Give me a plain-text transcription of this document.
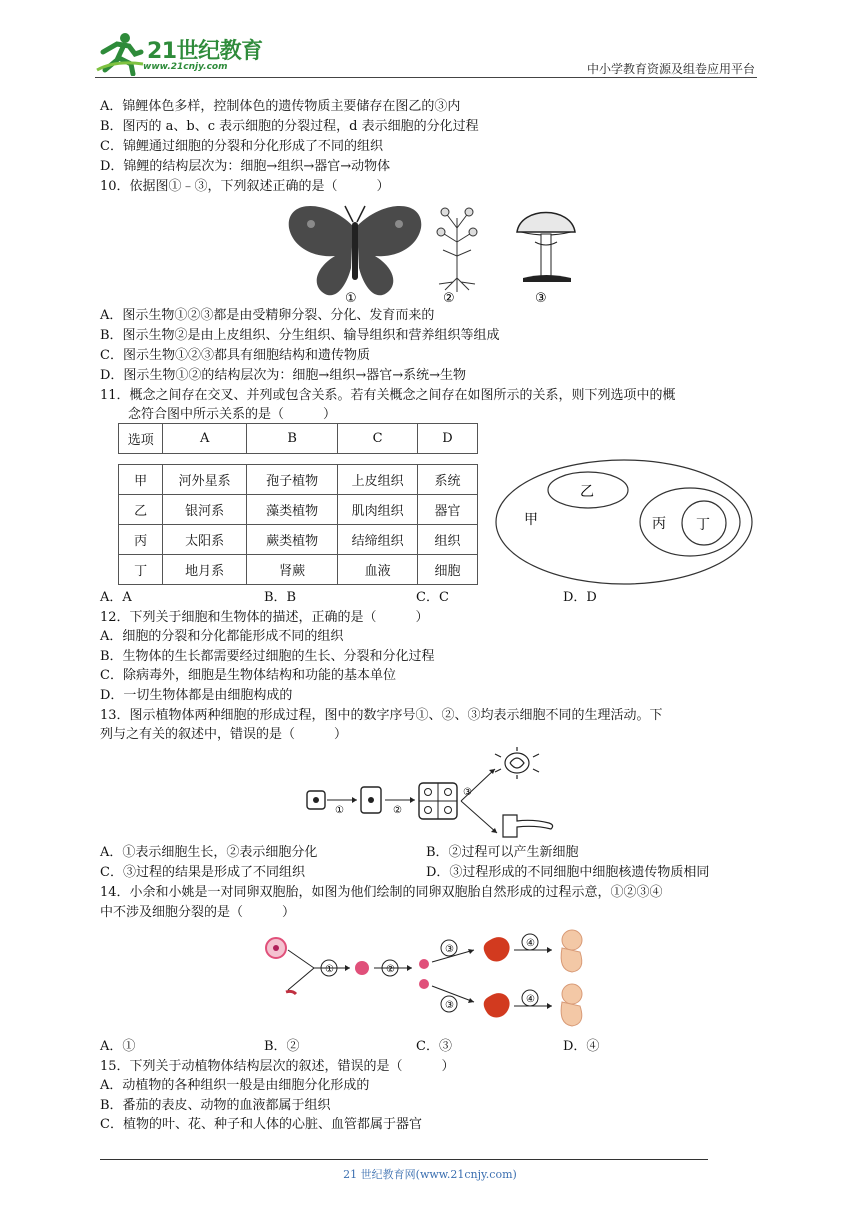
21世纪教育
www.21cnjy.com	中小学教育资源及组卷应用平台
A．锦鲤体色多样，控制体色的遗传物质主要储存在图乙的③内
B．图丙的 a、b、c 表示细胞的分裂过程，d 表示细胞的分化过程
C．锦鲤通过细胞的分裂和分化形成了不同的组织
D．锦鲤的结构层次为：细胞→组织→器官→动物体
10．依据图①﹣③，下列叙述正确的是（　　　）
①	②	③
A．图示生物①②③都是由受精卵分裂、分化、发育而来的
B．图示生物②是由上皮组织、分生组织、输导组织和营养组织等组成
C．图示生物①②③都具有细胞结构和遗传物质
D．图示生物①②的结构层次为：细胞→组织→器官→系统→生物
11．概念之间存在交叉、并列或包含关系。若有关概念之间存在如图所示的关系，则下列选项中的概
念符合图中所示关系的是（　　　）
选项	A	B	C	D
甲	河外星系	孢子植物	上皮组织	系统
乙	银河系	藻类植物	肌肉组织	器官
丙	太阳系	蕨类植物	结缔组织	组织
丁	地月系	肾蕨	血液	细胞
甲
乙
丙 丁
A．A	B．B	C．C	D．D
12．下列关于细胞和生物体的描述，正确的是（　　　）
A．细胞的分裂和分化都能形成不同的组织
B．生物体的生长都需要经过细胞的生长、分裂和分化过程
C．除病毒外，细胞是生物体结构和功能的基本单位
D．一切生物体都是由细胞构成的
13．图示植物体两种细胞的形成过程，图中的数字序号①、②、③均表示细胞不同的生理活动。下
列与之有关的叙述中，错误的是（　　　）
①	②
③
A．①表示细胞生长，②表示细胞分化	B．②过程可以产生新细胞
C．③过程的结果是形成了不同组织	D．③过程形成的不同细胞中细胞核遗传物质相同
14．小余和小姚是一对同卵双胞胎，如图为他们绘制的同卵双胞胎自然形成的过程示意，①②③④
中不涉及细胞分裂的是（　　　）
①	②
③
③
④
④
A．①	B．②	C．③	D．④
15．下列关于动植物体结构层次的叙述，错误的是（　　　）
A．动植物的各种组织一般是由细胞分化形成的
B．番茄的表皮、动物的血液都属于组织
C．植物的叶、花、种子和人体的心脏、血管都属于器官
21 世纪教育网(www.21cnjy.com)
